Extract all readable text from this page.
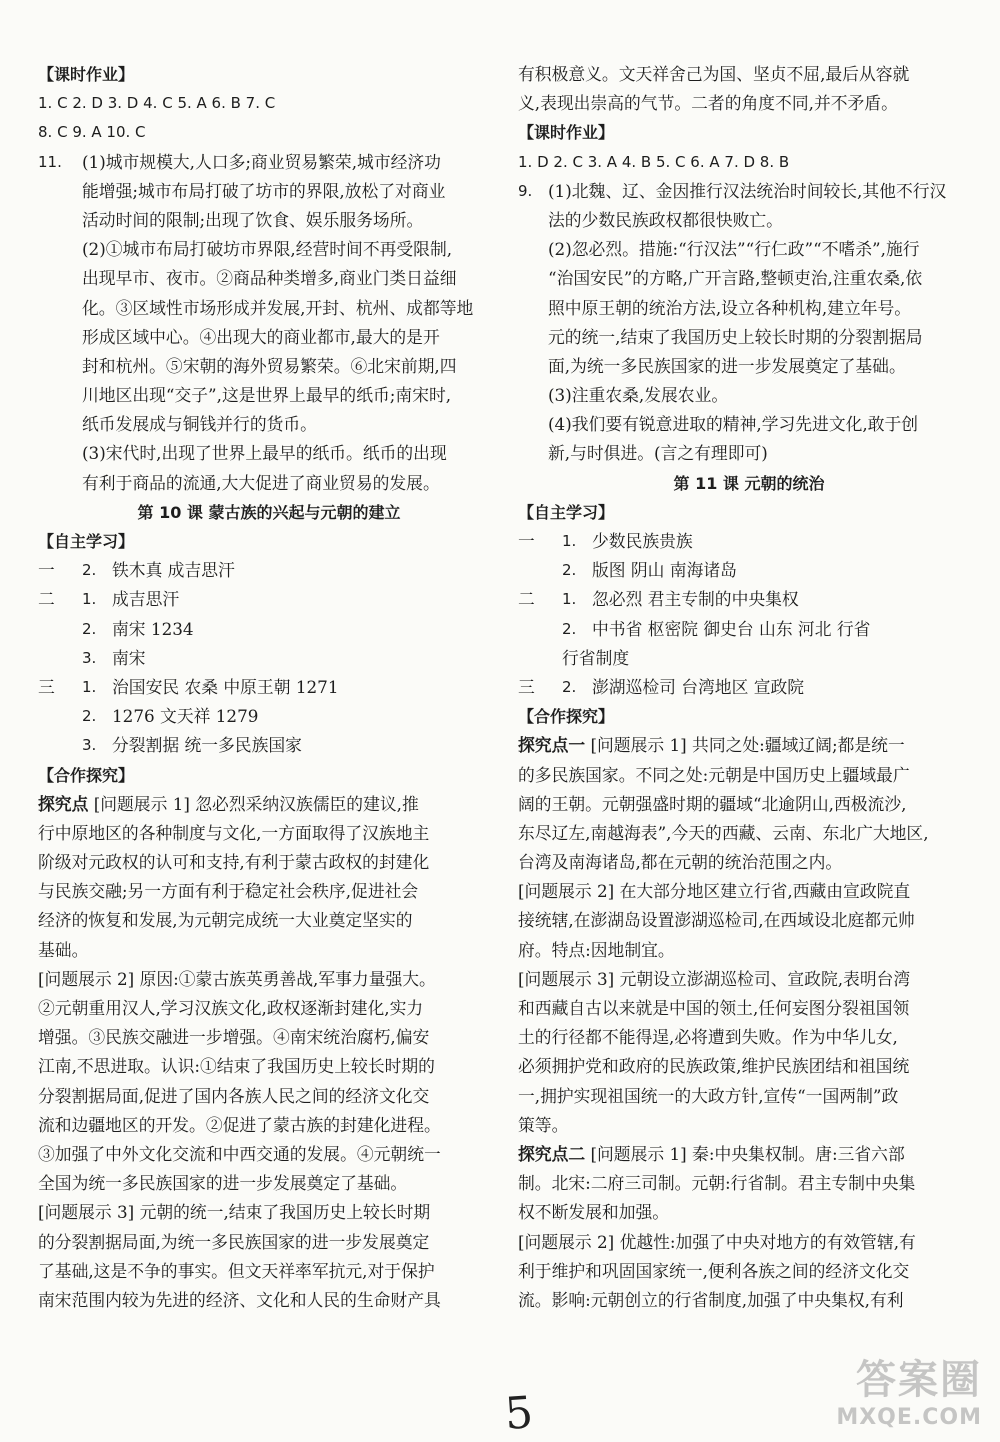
【课时作业】
1. C 2. D 3. D 4. C 5. A 6. B 7. C
8. C 9. A 10. C
11.	(1)城市规模大,人口多;商业贸易繁荣,城市经济功
能增强;城市布局打破了坊市的界限,放松了对商业
活动时间的限制;出现了饮食、娱乐服务场所。
(2)①城市布局打破坊市界限,经营时间不再受限制,
出现早市、夜市。②商品种类增多,商业门类日益细
化。③区域性市场形成并发展,开封、杭州、成都等地
形成区域中心。④出现大的商业都市,最大的是开
封和杭州。⑤宋朝的海外贸易繁荣。⑥北宋前期,四
川地区出现“交子”,这是世界上最早的纸币;南宋时,
纸币发展成与铜钱并行的货币。
(3)宋代时,出现了世界上最早的纸币。纸币的出现
有利于商品的流通,大大促进了商业贸易的发展。
第 10 课 蒙古族的兴起与元朝的建立
【自主学习】
一	2. 铁木真 成吉思汗
二	1. 成吉思汗
2. 南宋 1234
3. 南宋
三	1. 治国安民 农桑 中原王朝 1271
2. 1276 文天祥 1279
3. 分裂割据 统一多民族国家
【合作探究】
探究点 [问题展示 1] 忽必烈采纳汉族儒臣的建议,推
行中原地区的各种制度与文化,一方面取得了汉族地主
阶级对元政权的认可和支持,有利于蒙古政权的封建化
与民族交融;另一方面有利于稳定社会秩序,促进社会
经济的恢复和发展,为元朝完成统一大业奠定坚实的
基础。
[问题展示 2] 原因:①蒙古族英勇善战,军事力量强大。
②元朝重用汉人,学习汉族文化,政权逐渐封建化,实力
增强。③民族交融进一步增强。④南宋统治腐朽,偏安
江南,不思进取。认识:①结束了我国历史上较长时期的
分裂割据局面,促进了国内各族人民之间的经济文化交
流和边疆地区的开发。②促进了蒙古族的封建化进程。
③加强了中外文化交流和中西交通的发展。④元朝统一
全国为统一多民族国家的进一步发展奠定了基础。
[问题展示 3] 元朝的统一,结束了我国历史上较长时期
的分裂割据局面,为统一多民族国家的进一步发展奠定
了基础,这是不争的事实。但文天祥率军抗元,对于保护
南宋范围内较为先进的经济、文化和人民的生命财产具
有积极意义。文天祥舍己为国、坚贞不屈,最后从容就
义,表现出崇高的气节。二者的角度不同,并不矛盾。
【课时作业】
1. D 2. C 3. A 4. B 5. C 6. A 7. D 8. B
9. (1)北魏、辽、金因推行汉法统治时间较长,其他不行汉
法的少数民族政权都很快败亡。
(2)忽必烈。措施:“行汉法”“行仁政”“不嗜杀”,施行
“治国安民”的方略,广开言路,整顿吏治,注重农桑,依
照中原王朝的统治方法,设立各种机构,建立年号。
元的统一,结束了我国历史上较长时期的分裂割据局
面,为统一多民族国家的进一步发展奠定了基础。
(3)注重农桑,发展农业。
(4)我们要有锐意进取的精神,学习先进文化,敢于创
新,与时俱进。(言之有理即可)
第 11 课 元朝的统治
【自主学习】
一	1. 少数民族贵族
2. 版图 阴山 南海诸岛
二	1. 忽必烈 君主专制的中央集权
2. 中书省 枢密院 御史台 山东 河北 行省
行省制度
三	2. 澎湖巡检司 台湾地区 宣政院
【合作探究】
探究点一 [问题展示 1] 共同之处:疆域辽阔;都是统一
的多民族国家。不同之处:元朝是中国历史上疆域最广
阔的王朝。元朝强盛时期的疆域“北逾阴山,西极流沙,
东尽辽左,南越海表”,今天的西藏、云南、东北广大地区,
台湾及南海诸岛,都在元朝的统治范围之内。
[问题展示 2] 在大部分地区建立行省,西藏由宣政院直
接统辖,在澎湖岛设置澎湖巡检司,在西域设北庭都元帅
府。特点:因地制宜。
[问题展示 3] 元朝设立澎湖巡检司、宣政院,表明台湾
和西藏自古以来就是中国的领土,任何妄图分裂祖国领
土的行径都不能得逞,必将遭到失败。作为中华儿女,
必须拥护党和政府的民族政策,维护民族团结和祖国统
一,拥护实现祖国统一的大政方针,宣传“一国两制”政
策等。
探究点二 [问题展示 1] 秦:中央集权制。唐:三省六部
制。北宋:二府三司制。元朝:行省制。君主专制中央集
权不断发展和加强。
[问题展示 2] 优越性:加强了中央对地方的有效管辖,有
利于维护和巩固国家统一,便利各族之间的经济文化交
流。影响:元朝创立的行省制度,加强了中央集权,有利
5
答案圈
MXQE.COM
